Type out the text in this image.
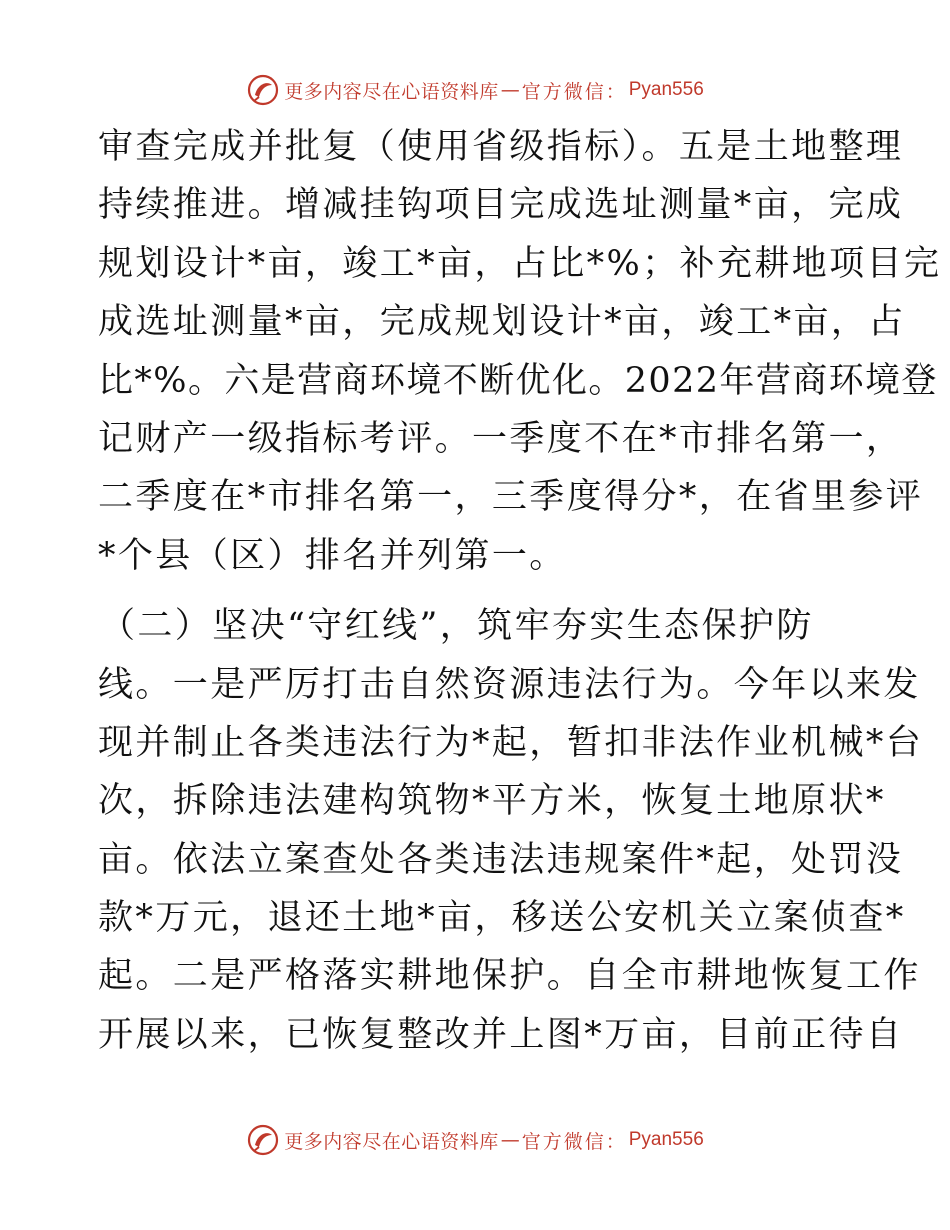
更多内容尽在心语资料库 — 官方微信： Pyan556
审查完成并批复（使用省级指标）。五是土地整理
持续推进。增减挂钩项目完成选址测量*亩，完成
规划设计*亩，竣工*亩，占比*%；补充耕地项目完
成选址测量*亩，完成规划设计*亩，竣工*亩，占
比*%。六是营商环境不断优化。2022年营商环境登
记财产一级指标考评。一季度不在*市排名第一，
二季度在*市排名第一，三季度得分*，在省里参评
*个县（区）排名并列第一。
（二）坚决“守红线”，筑牢夯实生态保护防
线。一是严厉打击自然资源违法行为。今年以来发
现并制止各类违法行为*起，暂扣非法作业机械*台
次，拆除违法建构筑物*平方米，恢复土地原状*
亩。依法立案查处各类违法违规案件*起，处罚没
款*万元，退还土地*亩，移送公安机关立案侦查*
起。二是严格落实耕地保护。自全市耕地恢复工作
开展以来，已恢复整改并上图*万亩，目前正待自
更多内容尽在心语资料库 — 官方微信： Pyan556
